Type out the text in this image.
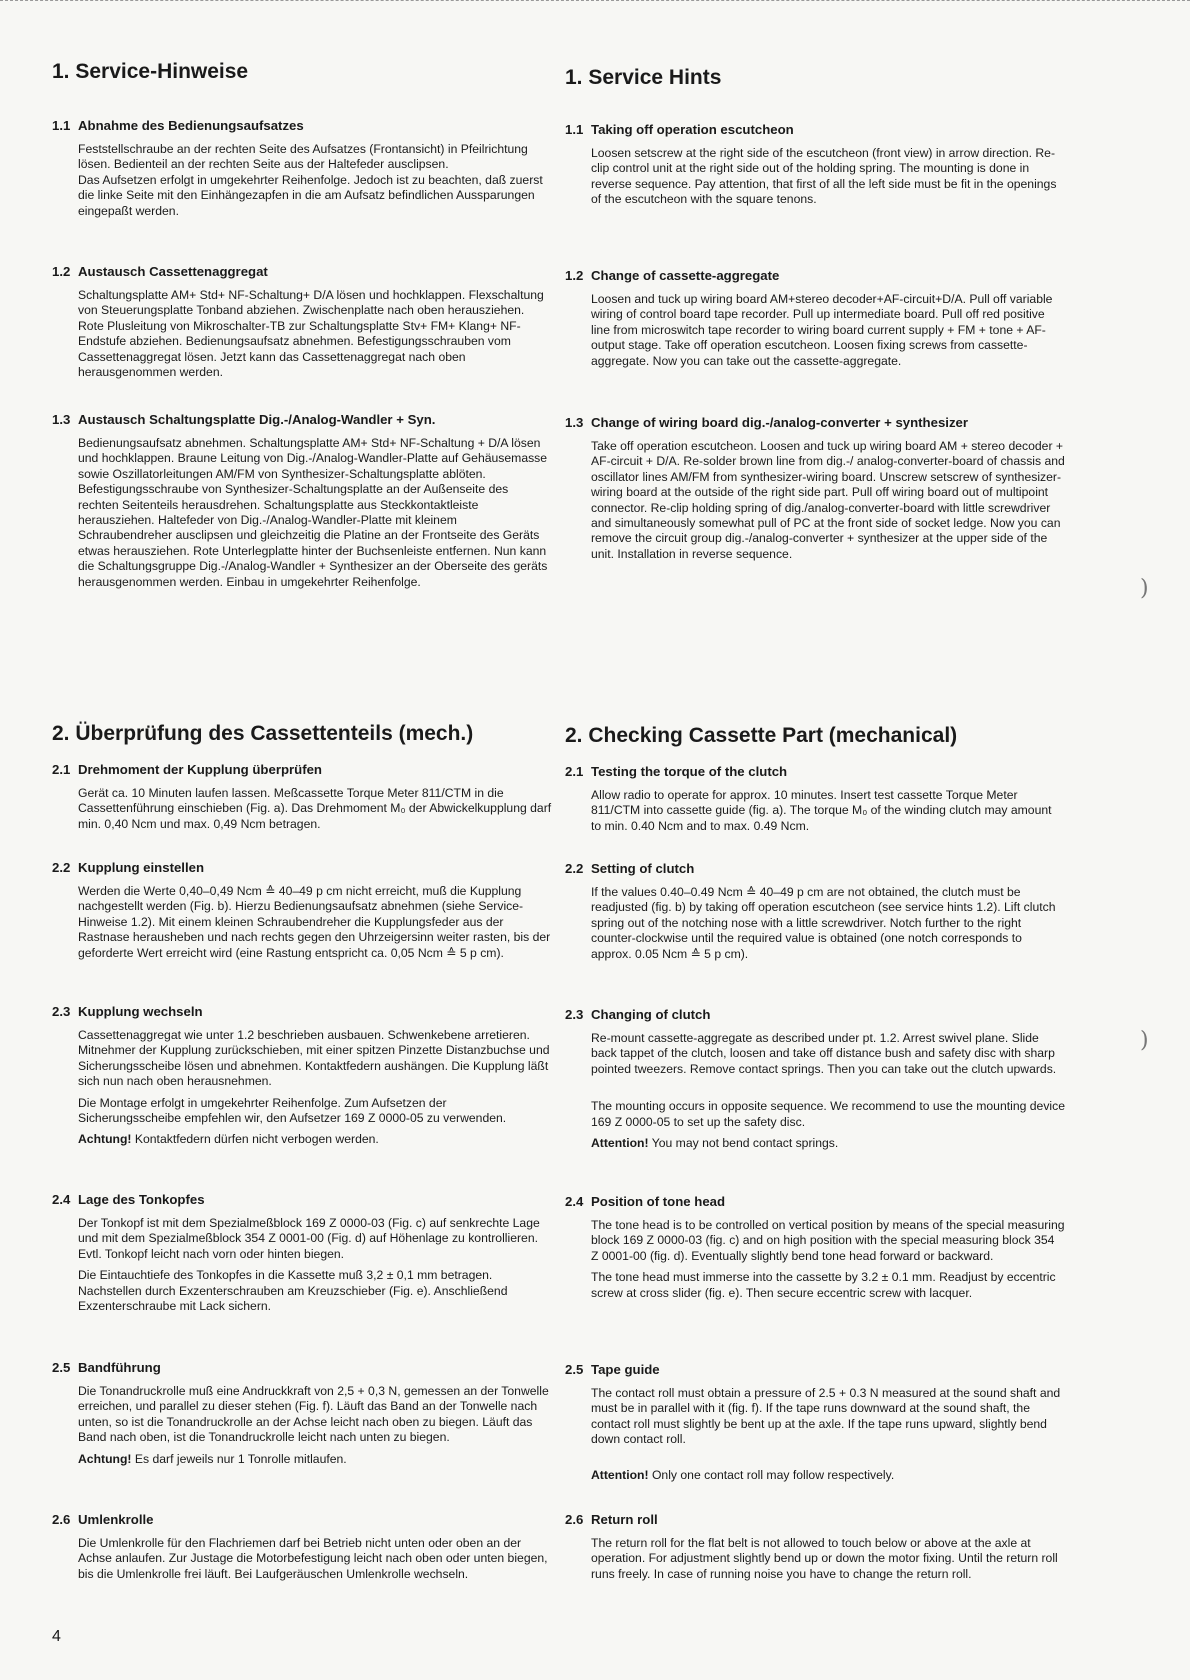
1. Service-Hinweise
1.1 Abnahme des Bedienungsaufsatzes

Feststellschraube an der rechten Seite des Aufsatzes (Frontansicht) in Pfeilrichtung lösen. Bedienteil an der rechten Seite aus der Haltefeder ausclipsen.

Das Aufsetzen erfolgt in umgekehrter Reihenfolge. Jedoch ist zu beachten, daß zuerst die linke Seite mit den Einhängezapfen in die am Aufsatz befindlichen Aussparungen eingepaßt werden.

1.2 Austausch Cassettenaggregat

Schaltungsplatte AM+ Std+ NF-Schaltung+ D/A lösen und hochklappen. Flexschaltung von Steuerungsplatte Tonband abziehen. Zwischenplatte nach oben herausziehen. Rote Plusleitung von Mikroschalter-TB zur Schaltungsplatte Stv+ FM+ Klang+ NF-Endstufe abziehen. Bedienungsaufsatz abnehmen. Befestigungsschrauben vom Cassettenaggregat lösen. Jetzt kann das Cassettenaggregat nach oben herausgenommen werden.

1.3 Austausch Schaltungsplatte Dig.-/Analog-Wandler + Syn.

Bedienungsaufsatz abnehmen. Schaltungsplatte AM+ Std+ NF-Schaltung + D/A lösen und hochklappen. Braune Leitung von Dig.-/Analog-Wandler-Platte auf Gehäusemasse sowie Oszillatorleitungen AM/FM von Synthesizer-Schaltungsplatte ablöten. Befestigungsschraube von Synthesizer-Schaltungsplatte an der Außenseite des rechten Seitenteils herausdrehen. Schaltungsplatte aus Steckkontaktleiste herausziehen. Haltefeder von Dig.-/Analog-Wandler-Platte mit kleinem Schraubendreher ausclipsen und gleichzeitig die Platine an der Frontseite des Geräts etwas herausziehen. Rote Unterlegplatte hinter der Buchsenleiste entfernen. Nun kann die Schaltungsgruppe Dig.-/Analog-Wandler + Synthesizer an der Oberseite des geräts herausgenommen werden. Einbau in umgekehrter Reihenfolge.

2. Überprüfung des Cassettenteils (mech.)
2.1 Drehmoment der Kupplung überprüfen

Gerät ca. 10 Minuten laufen lassen. Meßcassette Torque Meter 811/CTM in die Cassettenführung einschieben (Fig. a). Das Drehmoment M₀ der Abwickelkupplung darf min. 0,40 Ncm und max. 0,49 Ncm betragen.

2.2 Kupplung einstellen

Werden die Werte 0,40–0,49 Ncm ≙ 40–49 p cm nicht erreicht, muß die Kupplung nachgestellt werden (Fig. b). Hierzu Bedienungsaufsatz abnehmen (siehe Service-Hinweise 1.2). Mit einem kleinen Schraubendreher die Kupplungsfeder aus der Rastnase herausheben und nach rechts gegen den Uhrzeigersinn weiter rasten, bis der geforderte Wert erreicht wird (eine Rastung entspricht ca. 0,05 Ncm ≙ 5 p cm).

2.3 Kupplung wechseln

Cassettenaggregat wie unter 1.2 beschrieben ausbauen. Schwenkebene arretieren. Mitnehmer der Kupplung zurückschieben, mit einer spitzen Pinzette Distanzbuchse und Sicherungsscheibe lösen und abnehmen. Kontaktfedern aushängen. Die Kupplung läßt sich nun nach oben herausnehmen.

Die Montage erfolgt in umgekehrter Reihenfolge. Zum Aufsetzen der Sicherungsscheibe empfehlen wir, den Aufsetzer 169 Z 0000-05 zu verwenden.

Achtung! Kontaktfedern dürfen nicht verbogen werden.

2.4 Lage des Tonkopfes

Der Tonkopf ist mit dem Spezialmeßblock 169 Z 0000-03 (Fig. c) auf senkrechte Lage und mit dem Spezialmeßblock 354 Z 0001-00 (Fig. d) auf Höhenlage zu kontrollieren. Evtl. Tonkopf leicht nach vorn oder hinten biegen.

Die Eintauchtiefe des Tonkopfes in die Kassette muß 3,2 ± 0,1 mm betragen. Nachstellen durch Exzenterschrauben am Kreuzschieber (Fig. e). Anschließend Exzenterschraube mit Lack sichern.

2.5 Bandführung

Die Tonandruckrolle muß eine Andruckkraft von 2,5 + 0,3 N, gemessen an der Tonwelle erreichen, und parallel zu dieser stehen (Fig. f). Läuft das Band an der Tonwelle nach unten, so ist die Tonandruckrolle an der Achse leicht nach oben zu biegen. Läuft das Band nach oben, ist die Tonandruckrolle leicht nach unten zu biegen.

Achtung! Es darf jeweils nur 1 Tonrolle mitlaufen.

2.6 Umlenkrolle

Die Umlenkrolle für den Flachriemen darf bei Betrieb nicht unten oder oben an der Achse anlaufen. Zur Justage die Motorbefestigung leicht nach oben oder unten biegen, bis die Umlenkrolle frei läuft. Bei Laufgeräuschen Umlenkrolle wechseln.

1. Service Hints
1.1 Taking off operation escutcheon

Loosen setscrew at the right side of the escutcheon (front view) in arrow direction. Re-clip control unit at the right side out of the holding spring. The mounting is done in reverse sequence. Pay attention, that first of all the left side must be fit in the openings of the escutcheon with the square tenons.

1.2 Change of cassette-aggregate

Loosen and tuck up wiring board AM+stereo decoder+AF-circuit+D/A. Pull off variable wiring of control board tape recorder. Pull up intermediate board. Pull off red positive line from microswitch tape recorder to wiring board current supply + FM + tone + AF-output stage. Take off operation escutcheon. Loosen fixing screws from cassette-aggregate. Now you can take out the cassette-aggregate.

1.3 Change of wiring board dig.-/analog-converter + synthesizer

Take off operation escutcheon. Loosen and tuck up wiring board AM + stereo decoder + AF-circuit + D/A. Re-solder brown line from dig.-/ analog-converter-board of chassis and oscillator lines AM/FM from synthesizer-wiring board. Unscrew setscrew of synthesizer-wiring board at the outside of the right side part. Pull off wiring board out of multipoint connector. Re-clip holding spring of dig./analog-converter-board with little screwdriver and simultaneously somewhat pull of PC at the front side of socket ledge. Now you can remove the circuit group dig.-/analog-converter + synthesizer at the upper side of the unit. Installation in reverse sequence.

2. Checking Cassette Part (mechanical)
2.1 Testing the torque of the clutch

Allow radio to operate for approx. 10 minutes. Insert test cassette Torque Meter 811/CTM into cassette guide (fig. a). The torque M₀ of the winding clutch may amount to min. 0.40 Ncm and to max. 0.49 Ncm.

2.2 Setting of clutch

If the values 0.40–0.49 Ncm ≙ 40–49 p cm are not obtained, the clutch must be readjusted (fig. b) by taking off operation escutcheon (see service hints 1.2). Lift clutch spring out of the notching nose with a little screwdriver. Notch further to the right counter-clockwise until the required value is obtained (one notch corresponds to approx. 0.05 Ncm ≙ 5 p cm).

2.3 Changing of clutch

Re-mount cassette-aggregate as described under pt. 1.2. Arrest swivel plane. Slide back tappet of the clutch, loosen and take off distance bush and safety disc with sharp pointed tweezers. Remove contact springs. Then you can take out the clutch upwards.

The mounting occurs in opposite sequence. We recommend to use the mounting device 169 Z 0000-05 to set up the safety disc.

Attention! You may not bend contact springs.

2.4 Position of tone head

The tone head is to be controlled on vertical position by means of the special measuring block 169 Z 0000-03 (fig. c) and on high position with the special measuring block 354 Z 0001-00 (fig. d). Eventually slightly bend tone head forward or backward.

The tone head must immerse into the cassette by 3.2 ± 0.1 mm. Readjust by eccentric screw at cross slider (fig. e). Then secure eccentric screw with lacquer.

2.5 Tape guide

The contact roll must obtain a pressure of 2.5 + 0.3 N measured at the sound shaft and must be in parallel with it (fig. f). If the tape runs downward at the sound shaft, the contact roll must slightly be bent up at the axle. If the tape runs upward, slightly bend down contact roll.

Attention! Only one contact roll may follow respectively.

2.6 Return roll

The return roll for the flat belt is not allowed to touch below or above at the axle at operation. For adjustment slightly bend up or down the motor fixing. Until the return roll runs freely. In case of running noise you have to change the return roll.

)
)
4
